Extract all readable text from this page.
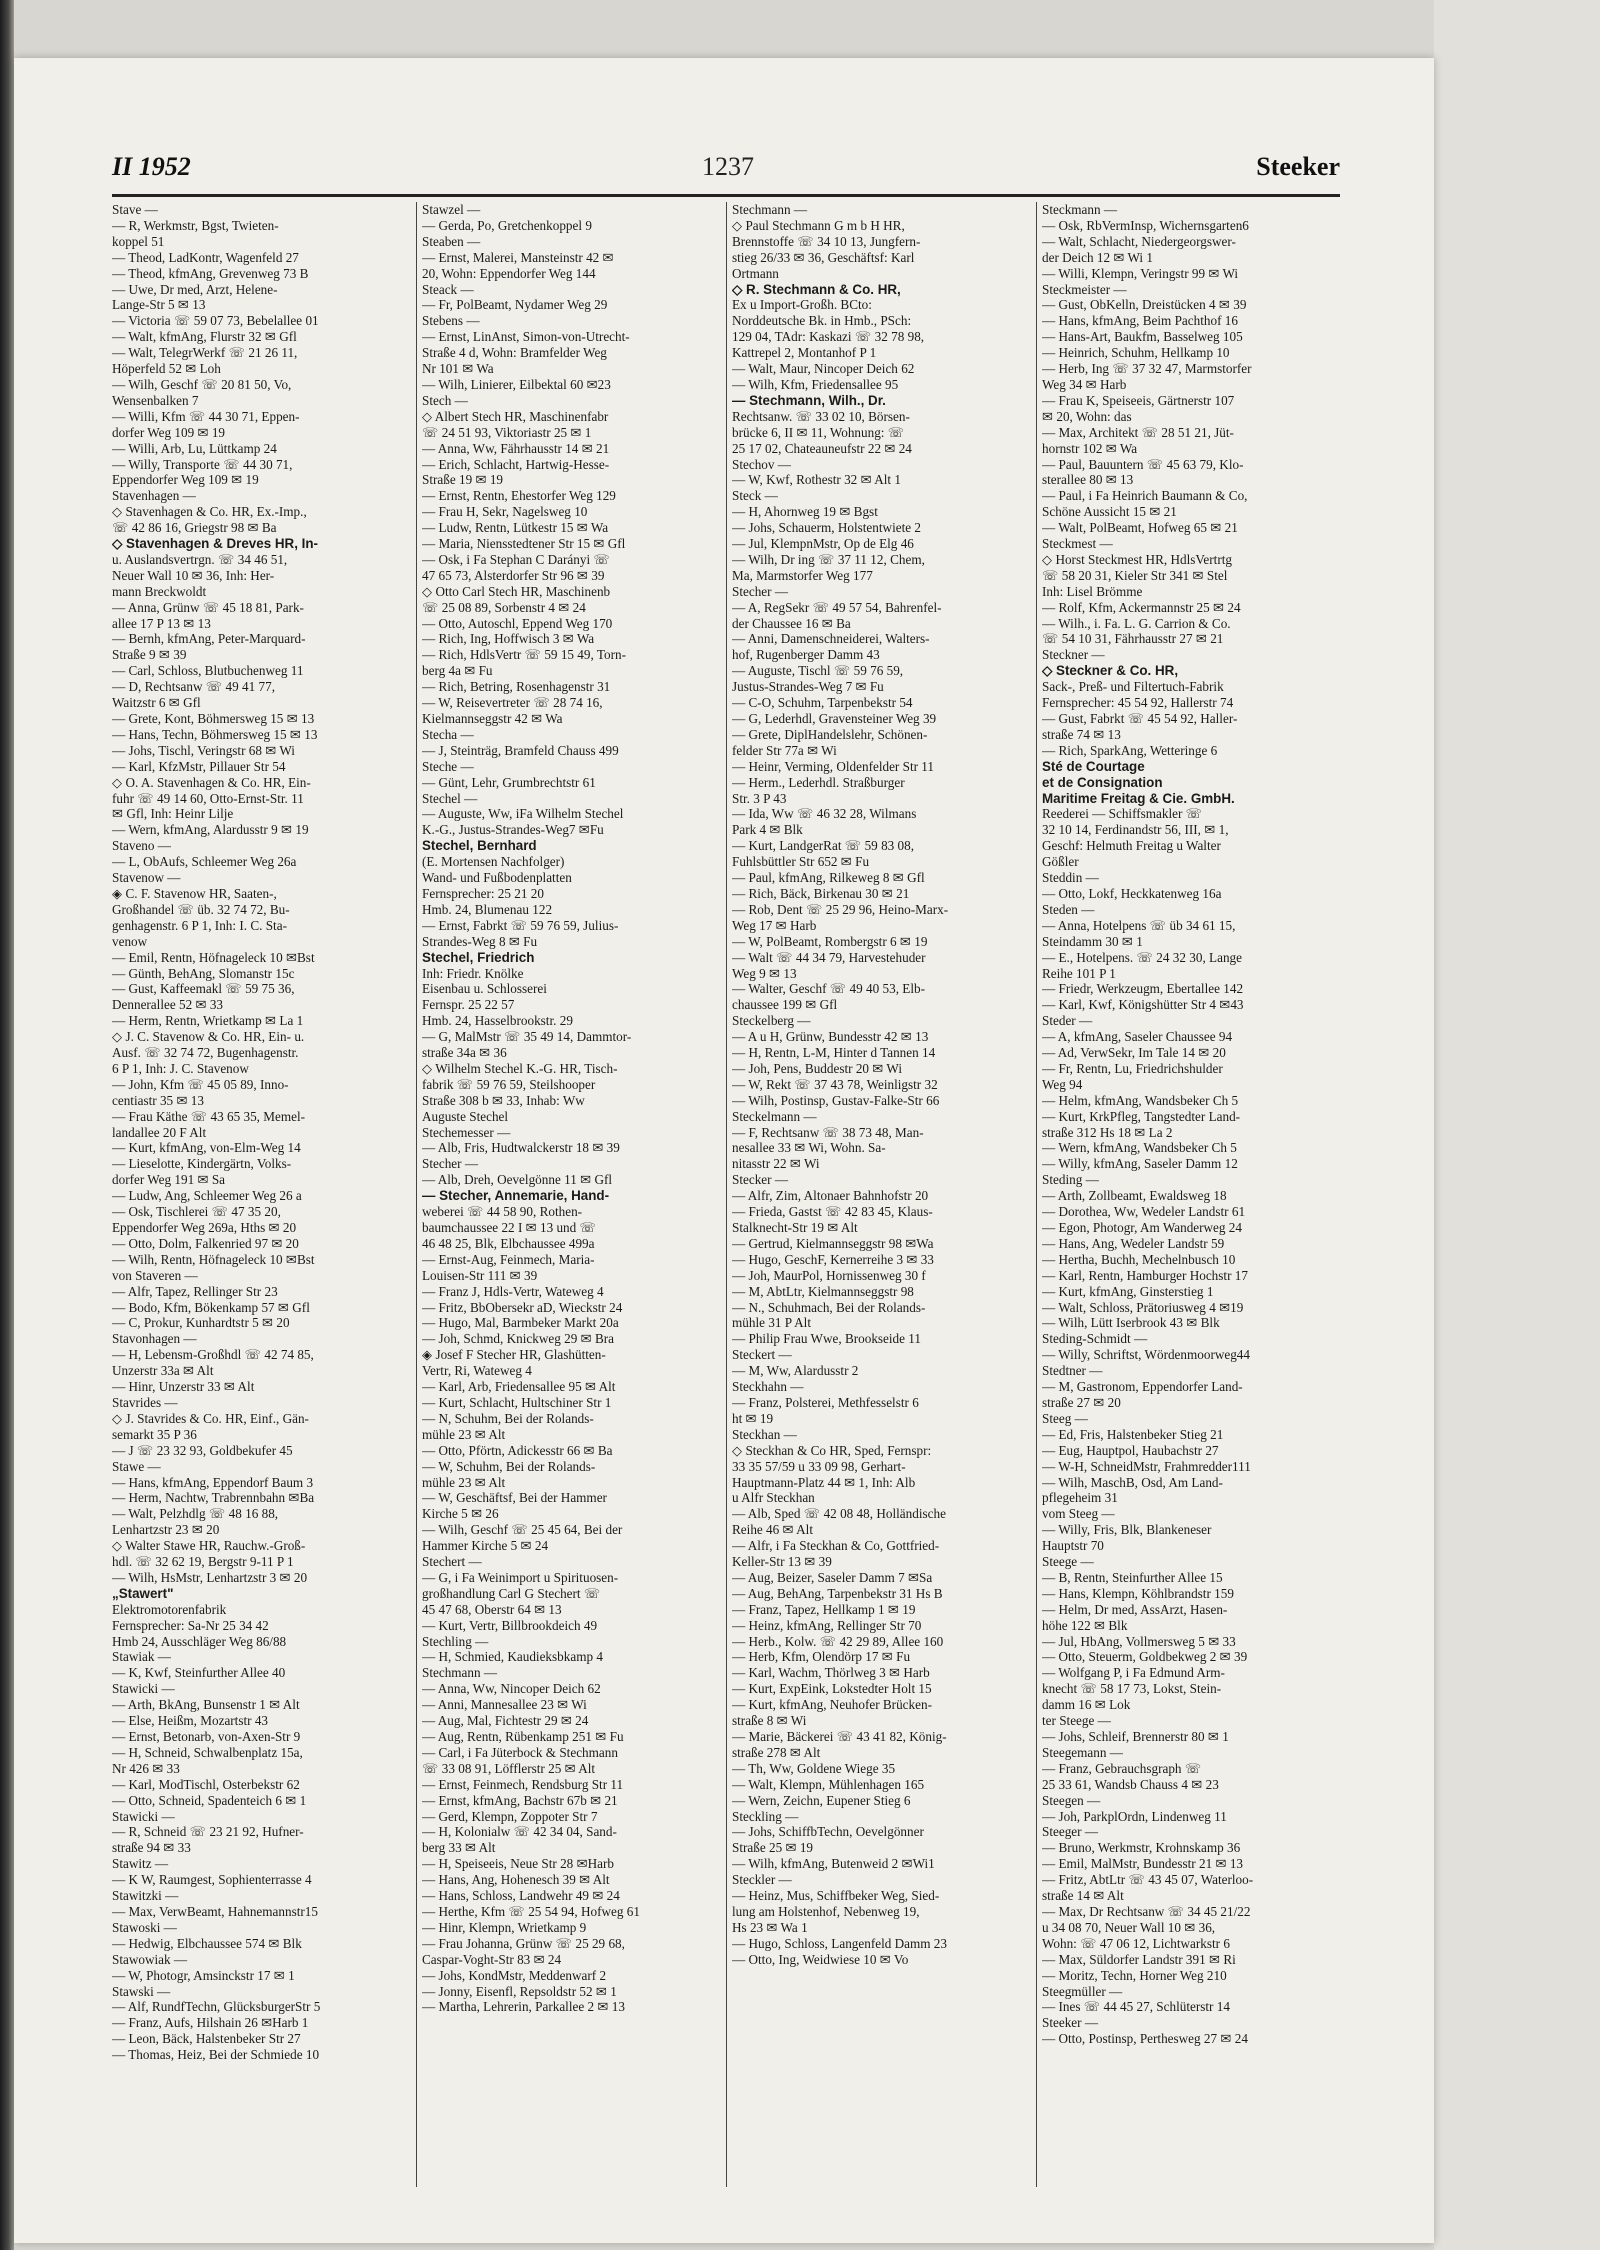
II 1952	1237	Steeker
Stave —
— R, Werkmstr, Bgst, Twieten-
koppel 51
— Theod, LadKontr, Wagenfeld 27
— Theod, kfmAng, Grevenweg 73 B
— Uwe, Dr med, Arzt, Helene-
Lange-Str 5 ✉ 13
— Victoria ☏ 59 07 73, Bebelallee 01
— Walt, kfmAng, Flurstr 32 ✉ Gfl
— Walt, TelegrWerkf ☏ 21 26 11,
Höperfeld 52 ✉ Loh
— Wilh, Geschf ☏ 20 81 50, Vo,
Wensenbalken 7
— Willi, Kfm ☏ 44 30 71, Eppen-
dorfer Weg 109 ✉ 19
— Willi, Arb, Lu, Lüttkamp 24
— Willy, Transporte ☏ 44 30 71,
Eppendorfer Weg 109 ✉ 19
Stavenhagen —
◇ Stavenhagen & Co. HR, Ex.-Imp.,
☏ 42 86 16, Griegstr 98 ✉ Ba
◇ Stavenhagen & Dreves HR, In-
u. Auslandsvertrgn. ☏ 34 46 51,
Neuer Wall 10 ✉ 36, Inh: Her-
mann Breckwoldt
— Anna, Grünw ☏ 45 18 81, Park-
allee 17 P 13 ✉ 13
— Bernh, kfmAng, Peter-Marquard-
Straße 9 ✉ 39
— Carl, Schloss, Blutbuchenweg 11
— D, Rechtsanw ☏ 49 41 77,
Waitzstr 6 ✉ Gfl
— Grete, Kont, Böhmersweg 15 ✉ 13
— Hans, Techn, Böhmersweg 15 ✉ 13
— Johs, Tischl, Veringstr 68 ✉ Wi
— Karl, KfzMstr, Pillauer Str 54
◇ O. A. Stavenhagen & Co. HR, Ein-
fuhr ☏ 49 14 60, Otto-Ernst-Str. 11
✉ Gfl, Inh: Heinr Lilje
— Wern, kfmAng, Alardusstr 9 ✉ 19
Staveno —
— L, ObAufs, Schleemer Weg 26a
Stavenow —
◈ C. F. Stavenow HR, Saaten-,
Großhandel ☏ üb. 32 74 72, Bu-
genhagenstr. 6 P 1, Inh: I. C. Sta-
venow
— Emil, Rentn, Höfnageleck 10 ✉Bst
— Günth, BehAng, Slomanstr 15c
— Gust, Kaffeemakl ☏ 59 75 36,
Dennerallee 52 ✉ 33
— Herm, Rentn, Wrietkamp ✉ La 1
◇ J. C. Stavenow & Co. HR, Ein- u.
Ausf. ☏ 32 74 72, Bugenhagenstr.
6 P 1, Inh: J. C. Stavenow
— John, Kfm ☏ 45 05 89, Inno-
centiastr 35 ✉ 13
— Frau Käthe ☏ 43 65 35, Memel-
landallee 20 F Alt
— Kurt, kfmAng, von-Elm-Weg 14
— Lieselotte, Kindergärtn, Volks-
dorfer Weg 191 ✉ Sa
— Ludw, Ang, Schleemer Weg 26 a
— Osk, Tischlerei ☏ 47 35 20,
Eppendorfer Weg 269a, Hths ✉ 20
— Otto, Dolm, Falkenried 97 ✉ 20
— Wilh, Rentn, Höfnageleck 10 ✉Bst
von Staveren —
— Alfr, Tapez, Rellinger Str 23
— Bodo, Kfm, Bökenkamp 57 ✉ Gfl
— C, Prokur, Kunhardtstr 5 ✉ 20
Stavonhagen —
— H, Lebensm-Großhdl ☏ 42 74 85,
Unzerstr 33a ✉ Alt
— Hinr, Unzerstr 33 ✉ Alt
Stavrides —
◇ J. Stavrides & Co. HR, Einf., Gän-
semarkt 35 P 36
— J ☏ 23 32 93, Goldbekufer 45
Stawe —
— Hans, kfmAng, Eppendorf Baum 3
— Herm, Nachtw, Trabrennbahn ✉Ba
— Walt, Pelzhdlg ☏ 48 16 88,
Lenhartzstr 23 ✉ 20
◇ Walter Stawe HR, Rauchw.-Groß-
hdl. ☏ 32 62 19, Bergstr 9-11 P 1
— Wilh, HsMstr, Lenhartzstr 3 ✉ 20
„Stawert"
Elektromotorenfabrik
Fernsprecher: Sa-Nr 25 34 42
Hmb 24, Ausschläger Weg 86/88
Stawiak —
— K, Kwf, Steinfurther Allee 40
Stawicki —
— Arth, BkAng, Bunsenstr 1 ✉ Alt
— Else, Heißm, Mozartstr 43
— Ernst, Betonarb, von-Axen-Str 9
— H, Schneid, Schwalbenplatz 15a,
Nr 426 ✉ 33
— Karl, ModTischl, Osterbekstr 62
— Otto, Schneid, Spadenteich 6 ✉ 1
Stawicki —
— R, Schneid ☏ 23 21 92, Hufner-
straße 94 ✉ 33
Stawitz —
— K W, Raumgest, Sophienterrasse 4
Stawitzki —
— Max, VerwBeamt, Hahnemannstr15
Stawoski —
— Hedwig, Elbchaussee 574 ✉ Blk
Stawowiak —
— W, Photogr, Amsinckstr 17 ✉ 1
Stawski —
— Alf, RundfTechn, GlücksburgerStr 5
— Franz, Aufs, Hilshain 26 ✉Harb 1
— Leon, Bäck, Halstenbeker Str 27
— Thomas, Heiz, Bei der Schmiede 10
Stawzel —
— Gerda, Po, Gretchenkoppel 9
Steaben —
— Ernst, Malerei, Mansteinstr 42 ✉
20, Wohn: Eppendorfer Weg 144
Steack —
— Fr, PolBeamt, Nydamer Weg 29
Stebens —
— Ernst, LinAnst, Simon-von-Utrecht-
Straße 4 d, Wohn: Bramfelder Weg
Nr 101 ✉ Wa
— Wilh, Linierer, Eilbektal 60 ✉23
Stech —
◇ Albert Stech HR, Maschinenfabr
☏ 24 51 93, Viktoriastr 25 ✉ 1
— Anna, Ww, Fährhausstr 14 ✉ 21
— Erich, Schlacht, Hartwig-Hesse-
Straße 19 ✉ 19
— Ernst, Rentn, Ehestorfer Weg 129
— Frau H, Sekr, Nagelsweg 10
— Ludw, Rentn, Lütkestr 15 ✉ Wa
— Maria, Niensstedtener Str 15 ✉ Gfl
— Osk, i Fa Stephan C Darányi ☏
47 65 73, Alsterdorfer Str 96 ✉ 39
◇ Otto Carl Stech HR, Maschinenb
☏ 25 08 89, Sorbenstr 4 ✉ 24
— Otto, Autoschl, Eppend Weg 170
— Rich, Ing, Hoffwisch 3 ✉ Wa
— Rich, HdlsVertr ☏ 59 15 49, Torn-
berg 4a ✉ Fu
— Rich, Betring, Rosenhagenstr 31
— W, Reisevertreter ☏ 28 74 16,
Kielmannseggstr 42 ✉ Wa
Stecha —
— J, Steinträg, Bramfeld Chauss 499
Steche —
— Günt, Lehr, Grumbrechtstr 61
Stechel —
— Auguste, Ww, iFa Wilhelm Stechel
K.-G., Justus-Strandes-Weg7 ✉Fu
Stechel, Bernhard
(E. Mortensen Nachfolger)
Wand- und Fußbodenplatten
Fernsprecher: 25 21 20
Hmb. 24, Blumenau 122
— Ernst, Fabrkt ☏ 59 76 59, Julius-
Strandes-Weg 8 ✉ Fu
Stechel, Friedrich
Inh: Friedr. Knölke
Eisenbau u. Schlosserei
Fernspr. 25 22 57
Hmb. 24, Hasselbrookstr. 29
— G, MalMstr ☏ 35 49 14, Dammtor-
straße 34a ✉ 36
◇ Wilhelm Stechel K.-G. HR, Tisch-
fabrik ☏ 59 76 59, Steilshooper
Straße 308 b ✉ 33, Inhab: Ww
Auguste Stechel
Stechemesser —
— Alb, Fris, Hudtwalckerstr 18 ✉ 39
Stecher —
— Alb, Dreh, Oevelgönne 11 ✉ Gfl
— Stecher, Annemarie, Hand-
weberei ☏ 44 58 90, Rothen-
baumchaussee 22 I ✉ 13 und ☏
46 48 25, Blk, Elbchaussee 499a
— Ernst-Aug, Feinmech, Maria-
Louisen-Str 111 ✉ 39
— Franz J, Hdls-Vertr, Wateweg 4
— Fritz, BbObersekr aD, Wieckstr 24
— Hugo, Mal, Barmbeker Markt 20a
— Joh, Schmd, Knickweg 29 ✉ Bra
◈ Josef F Stecher HR, Glashütten-
Vertr, Ri, Wateweg 4
— Karl, Arb, Friedensallee 95 ✉ Alt
— Kurt, Schlacht, Hultschiner Str 1
— N, Schuhm, Bei der Rolands-
mühle 23 ✉ Alt
— Otto, Pförtn, Adickesstr 66 ✉ Ba
— W, Schuhm, Bei der Rolands-
mühle 23 ✉ Alt
— W, Geschäftsf, Bei der Hammer
Kirche 5 ✉ 26
— Wilh, Geschf ☏ 25 45 64, Bei der
Hammer Kirche 5 ✉ 24
Stechert —
— G, i Fa Weinimport u Spirituosen-
großhandlung Carl G Stechert ☏
45 47 68, Oberstr 64 ✉ 13
— Kurt, Vertr, Billbrookdeich 49
Stechling —
— H, Schmied, Kaudieksbkamp 4
Stechmann —
— Anna, Ww, Nincoper Deich 62
— Anni, Mannesallee 23 ✉ Wi
— Aug, Mal, Fichtestr 29 ✉ 24
— Aug, Rentn, Rübenkamp 251 ✉ Fu
— Carl, i Fa Jüterbock & Stechmann
☏ 33 08 91, Löfflerstr 25 ✉ Alt
— Ernst, Feinmech, Rendsburg Str 11
— Ernst, kfmAng, Bachstr 67b ✉ 21
— Gerd, Klempn, Zoppoter Str 7
— H, Kolonialw ☏ 42 34 04, Sand-
berg 33 ✉ Alt
— H, Speiseeis, Neue Str 28 ✉Harb
— Hans, Ang, Hohenesch 39 ✉ Alt
— Hans, Schloss, Landwehr 49 ✉ 24
— Herthe, Kfm ☏ 25 54 94, Hofweg 61
— Hinr, Klempn, Wrietkamp 9
— Frau Johanna, Grünw ☏ 25 29 68,
Caspar-Voght-Str 83 ✉ 24
— Johs, KondMstr, Meddenwarf 2
— Jonny, Eisenfl, Repsoldstr 52 ✉ 1
— Martha, Lehrerin, Parkallee 2 ✉ 13
Stechmann —
◇ Paul Stechmann G m b H HR,
Brennstoffe ☏ 34 10 13, Jungfern-
stieg 26/33 ✉ 36, Geschäftsf: Karl
Ortmann
◇ R. Stechmann & Co. HR,
Ex u Import-Großh. BCto:
Norddeutsche Bk. in Hmb., PSch:
129 04, TAdr: Kaskazi ☏ 32 78 98,
Kattrepel 2, Montanhof P 1
— Walt, Maur, Nincoper Deich 62
— Wilh, Kfm, Friedensallee 95
— Stechmann, Wilh., Dr.
Rechtsanw. ☏ 33 02 10, Börsen-
brücke 6, II ✉ 11, Wohnung: ☏
25 17 02, Chateauneufstr 22 ✉ 24
Stechov —
— W, Kwf, Rothestr 32 ✉ Alt 1
Steck —
— H, Ahornweg 19 ✉ Bgst
— Johs, Schauerm, Holstentwiete 2
— Jul, KlempnMstr, Op de Elg 46
— Wilh, Dr ing ☏ 37 11 12, Chem,
Ma, Marmstorfer Weg 177
Stecher —
— A, RegSekr ☏ 49 57 54, Bahrenfel-
der Chaussee 16 ✉ Ba
— Anni, Damenschneiderei, Walters-
hof, Rugenberger Damm 43
— Auguste, Tischl ☏ 59 76 59,
Justus-Strandes-Weg 7 ✉ Fu
— C-O, Schuhm, Tarpenbekstr 54
— G, Lederhdl, Gravensteiner Weg 39
— Grete, DiplHandelslehr, Schönen-
felder Str 77a ✉ Wi
— Heinr, Verming, Oldenfelder Str 11
— Herm., Lederhdl. Straßburger
Str. 3 P 43
— Ida, Ww ☏ 46 32 28, Wilmans
Park 4 ✉ Blk
— Kurt, LandgerRat ☏ 59 83 08,
Fuhlsbüttler Str 652 ✉ Fu
— Paul, kfmAng, Rilkeweg 8 ✉ Gfl
— Rich, Bäck, Birkenau 30 ✉ 21
— Rob, Dent ☏ 25 29 96, Heino-Marx-
Weg 17 ✉ Harb
— W, PolBeamt, Rombergstr 6 ✉ 19
— Walt ☏ 44 34 79, Harvestehuder
Weg 9 ✉ 13
— Walter, Geschf ☏ 49 40 53, Elb-
chaussee 199 ✉ Gfl
Steckelberg —
— A u H, Grünw, Bundesstr 42 ✉ 13
— H, Rentn, L-M, Hinter d Tannen 14
— Joh, Pens, Buddestr 20 ✉ Wi
— W, Rekt ☏ 37 43 78, Weinligstr 32
— Wilh, Postinsp, Gustav-Falke-Str 66
Steckelmann —
— F, Rechtsanw ☏ 38 73 48, Man-
nesallee 33 ✉ Wi, Wohn. Sa-
nitasstr 22 ✉ Wi
Stecker —
— Alfr, Zim, Altonaer Bahnhofstr 20
— Frieda, Gastst ☏ 42 83 45, Klaus-
Stalknecht-Str 19 ✉ Alt
— Gertrud, Kielmannseggstr 98 ✉Wa
— Hugo, GeschF, Kernerreihe 3 ✉ 33
— Joh, MaurPol, Hornissenweg 30 f
— M, AbtLtr, Kielmannseggstr 98
— N., Schuhmach, Bei der Rolands-
mühle 31 P Alt
— Philip Frau Wwe, Brookseide 11
Steckert —
— M, Ww, Alardusstr 2
Steckhahn —
— Franz, Polsterei, Methfesselstr 6
ht ✉ 19
Steckhan —
◇ Steckhan & Co HR, Sped, Fernspr:
33 35 57/59 u 33 09 98, Gerhart-
Hauptmann-Platz 44 ✉ 1, Inh: Alb
u Alfr Steckhan
— Alb, Sped ☏ 42 08 48, Holländische
Reihe 46 ✉ Alt
— Alfr, i Fa Steckhan & Co, Gottfried-
Keller-Str 13 ✉ 39
— Aug, Beizer, Saseler Damm 7 ✉Sa
— Aug, BehAng, Tarpenbekstr 31 Hs B
— Franz, Tapez, Hellkamp 1 ✉ 19
— Heinz, kfmAng, Rellinger Str 70
— Herb., Kolw. ☏ 42 29 89, Allee 160
— Herb, Kfm, Olendörp 17 ✉ Fu
— Karl, Wachm, Thörlweg 3 ✉ Harb
— Kurt, ExpEink, Lokstedter Holt 15
— Kurt, kfmAng, Neuhofer Brücken-
straße 8 ✉ Wi
— Marie, Bäckerei ☏ 43 41 82, König-
straße 278 ✉ Alt
— Th, Ww, Goldene Wiege 35
— Walt, Klempn, Mühlenhagen 165
— Wern, Zeichn, Eupener Stieg 6
Steckling —
— Johs, SchiffbTechn, Oevelgönner
Straße 25 ✉ 19
— Wilh, kfmAng, Butenweid 2 ✉Wi1
Steckler —
— Heinz, Mus, Schiffbeker Weg, Sied-
lung am Holstenhof, Nebenweg 19,
Hs 23 ✉ Wa 1
— Hugo, Schloss, Langenfeld Damm 23
— Otto, Ing, Weidwiese 10 ✉ Vo
Steckmann —
— Osk, RbVermInsp, Wichernsgarten6
— Walt, Schlacht, Niedergeorgswer-
der Deich 12 ✉ Wi 1
— Willi, Klempn, Veringstr 99 ✉ Wi
Steckmeister —
— Gust, ObKelln, Dreistücken 4 ✉ 39
— Hans, kfmAng, Beim Pachthof 16
— Hans-Art, Baukfm, Basselweg 105
— Heinrich, Schuhm, Hellkamp 10
— Herb, Ing ☏ 37 32 47, Marmstorfer
Weg 34 ✉ Harb
— Frau K, Speiseeis, Gärtnerstr 107
✉ 20, Wohn: das
— Max, Architekt ☏ 28 51 21, Jüt-
hornstr 102 ✉ Wa
— Paul, Bauuntern ☏ 45 63 79, Klo-
sterallee 80 ✉ 13
— Paul, i Fa Heinrich Baumann & Co,
Schöne Aussicht 15 ✉ 21
— Walt, PolBeamt, Hofweg 65 ✉ 21
Steckmest —
◇ Horst Steckmest HR, HdlsVertrtg
☏ 58 20 31, Kieler Str 341 ✉ Stel
Inh: Lisel Brömme
— Rolf, Kfm, Ackermannstr 25 ✉ 24
— Wilh., i. Fa. L. G. Carrion & Co.
☏ 54 10 31, Fährhausstr 27 ✉ 21
Steckner —
◇ Steckner & Co. HR,
Sack-, Preß- und Filtertuch-Fabrik
Fernsprecher: 45 54 92, Hallerstr 74
— Gust, Fabrkt ☏ 45 54 92, Haller-
straße 74 ✉ 13
— Rich, SparkAng, Wetteringe 6
Sté de Courtage
et de Consignation
Maritime Freitag & Cie. GmbH.
Reederei — Schiffsmakler ☏
32 10 14, Ferdinandstr 56, III, ✉ 1,
Geschf: Helmuth Freitag u Walter
Gößler
Steddin —
— Otto, Lokf, Heckkatenweg 16a
Steden —
— Anna, Hotelpens ☏ üb 34 61 15,
Steindamm 30 ✉ 1
— E., Hotelpens. ☏ 24 32 30, Lange
Reihe 101 P 1
— Friedr, Werkzeugm, Ebertallee 142
— Karl, Kwf, Königshütter Str 4 ✉43
Steder —
— A, kfmAng, Saseler Chaussee 94
— Ad, VerwSekr, Im Tale 14 ✉ 20
— Fr, Rentn, Lu, Friedrichshulder
Weg 94
— Helm, kfmAng, Wandsbeker Ch 5
— Kurt, KrkPfleg, Tangstedter Land-
straße 312 Hs 18 ✉ La 2
— Wern, kfmAng, Wandsbeker Ch 5
— Willy, kfmAng, Saseler Damm 12
Steding —
— Arth, Zollbeamt, Ewaldsweg 18
— Dorothea, Ww, Wedeler Landstr 61
— Egon, Photogr, Am Wanderweg 24
— Hans, Ang, Wedeler Landstr 59
— Hertha, Buchh, Mechelnbusch 10
— Karl, Rentn, Hamburger Hochstr 17
— Kurt, kfmAng, Ginsterstieg 1
— Walt, Schloss, Prätoriusweg 4 ✉19
— Wilh, Lütt Iserbrook 43 ✉ Blk
Steding-Schmidt —
— Willy, Schriftst, Wördenmoorweg44
Stedtner —
— M, Gastronom, Eppendorfer Land-
straße 27 ✉ 20
Steeg —
— Ed, Fris, Halstenbeker Stieg 21
— Eug, Hauptpol, Haubachstr 27
— W-H, SchneidMstr, Frahmredder111
— Wilh, MaschB, Osd, Am Land-
pflegeheim 31
vom Steeg —
— Willy, Fris, Blk, Blankeneser
Hauptstr 70
Steege —
— B, Rentn, Steinfurther Allee 15
— Hans, Klempn, Köhlbrandstr 159
— Helm, Dr med, AssArzt, Hasen-
höhe 122 ✉ Blk
— Jul, HbAng, Vollmersweg 5 ✉ 33
— Otto, Steuerm, Goldbekweg 2 ✉ 39
— Wolfgang P, i Fa Edmund Arm-
knecht ☏ 58 17 73, Lokst, Stein-
damm 16 ✉ Lok
ter Steege —
— Johs, Schleif, Brennerstr 80 ✉ 1
Steegemann —
— Franz, Gebrauchsgraph ☏
25 33 61, Wandsb Chauss 4 ✉ 23
Steegen —
— Joh, ParkplOrdn, Lindenweg 11
Steeger —
— Bruno, Werkmstr, Krohnskamp 36
— Emil, MalMstr, Bundesstr 21 ✉ 13
— Fritz, AbtLtr ☏ 43 45 07, Waterloo-
straße 14 ✉ Alt
— Max, Dr Rechtsanw ☏ 34 45 21/22
u 34 08 70, Neuer Wall 10 ✉ 36,
Wohn: ☏ 47 06 12, Lichtwarkstr 6
— Max, Süldorfer Landstr 391 ✉ Ri
— Moritz, Techn, Horner Weg 210
Steegmüller —
— Ines ☏ 44 45 27, Schlüterstr 14
Steeker —
— Otto, Postinsp, Perthesweg 27 ✉ 24
